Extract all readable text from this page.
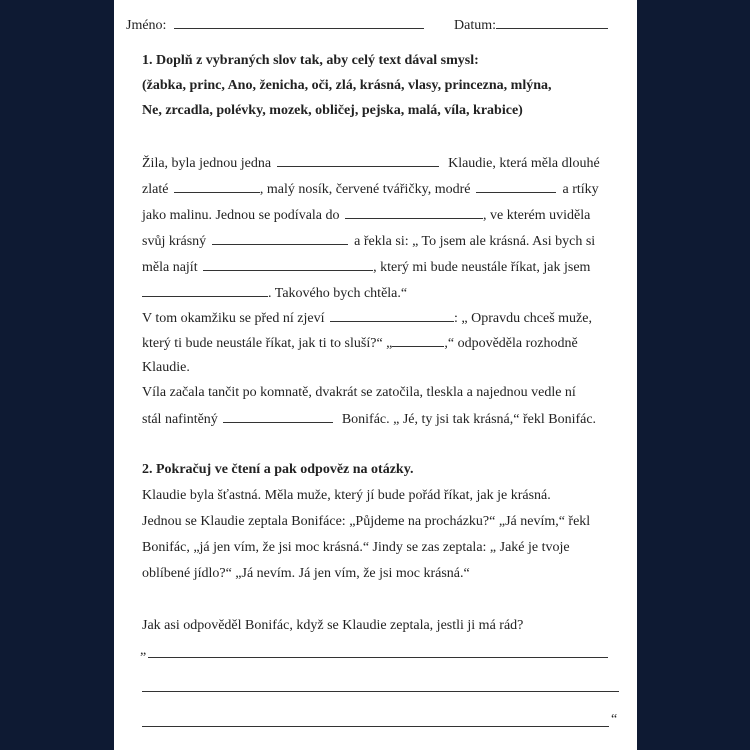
Jméno:	Datum:
1. Doplň z vybraných slov tak, aby celý text dával smysl:
(žabka, princ, Ano, ženicha, oči, zlá, krásná, vlasy, princezna, mlýna,
Ne, zrcadla, polévky, mozek, obličej, pejska, malá, víla, krabice)
Žila, byla jednou jedna	Klaudie, která měla dlouhé
zlaté	, malý nosík, červené tvářičky, modré	a rtíky
jako malinu. Jednou se podívala do	, ve kterém uviděla
svůj krásný	a řekla si: „ To jsem ale krásná. Asi bych si
měla najít	, který mi bude neustále říkat, jak jsem
. Takového bych chtěla.“
V tom okamžiku se před ní zjeví	: „ Opravdu chceš muže,
který ti bude neustále říkat, jak ti to sluší?“ „	,“ odpověděla rozhodně
Klaudie.
Víla začala tančit po komnatě, dvakrát se zatočila, tleskla a najednou vedle ní
stál nafintěný	Bonifác. „ Jé, ty jsi tak krásná,“ řekl Bonifác.
2. Pokračuj ve čtení a pak odpověz na otázky.
Klaudie byla šťastná. Měla muže, který jí bude pořád říkat, jak je krásná.
Jednou se Klaudie zeptala Bonifáce: „Půjdeme na procházku?“ „Já nevím,“ řekl
Bonifác, „já jen vím, že jsi moc krásná.“ Jindy se zas zeptala: „ Jaké je tvoje
oblíbené jídlo?“ „Já nevím. Já jen vím, že jsi moc krásná.“
Jak asi odpověděl Bonifác, když se Klaudie zeptala, jestli ji má rád?
„
“
